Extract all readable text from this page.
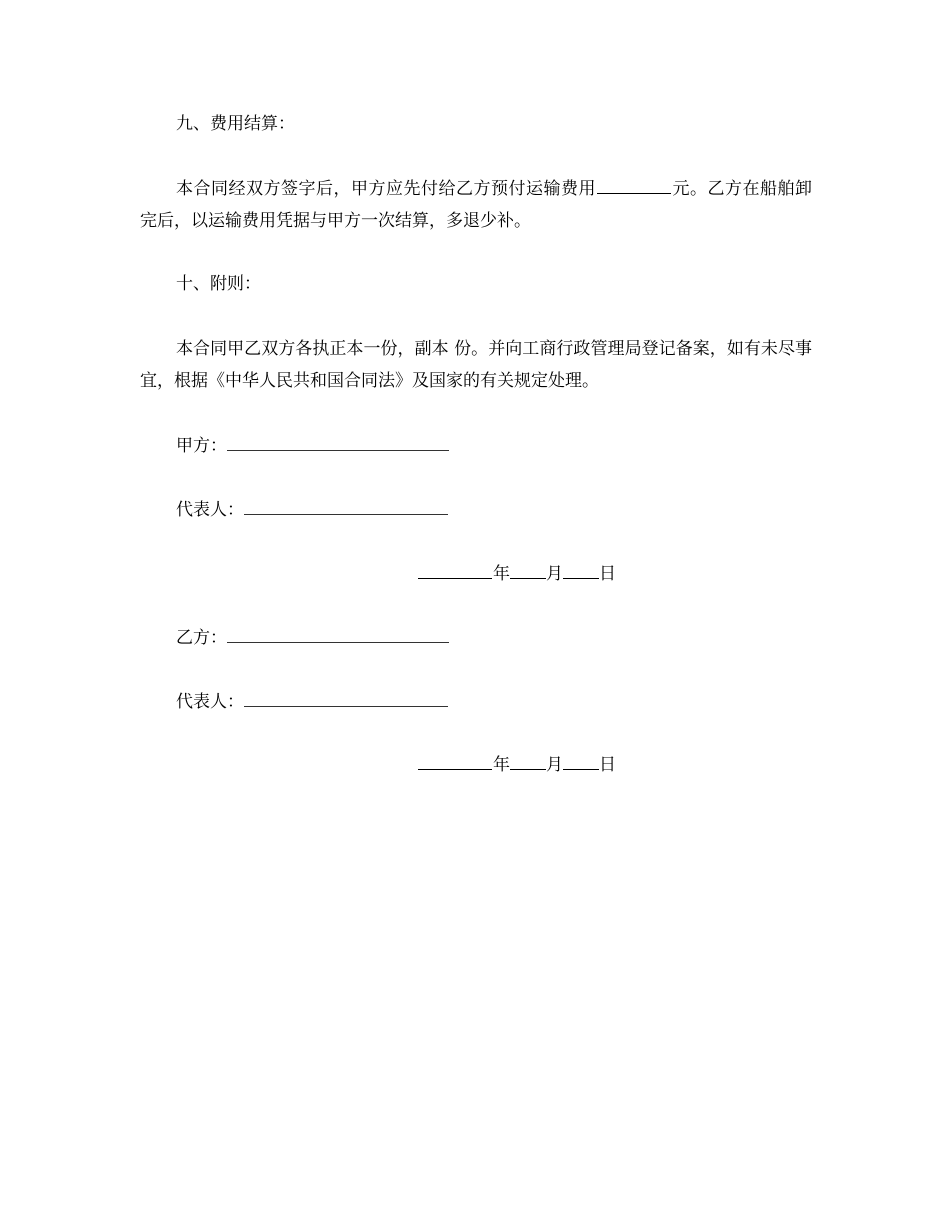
九、费用结算：
本合同经双方签字后，甲方应先付给乙方预付运输费用	元。乙方在船舶卸完后，以运输费用凭据与甲方一次结算，多退少补。
十、附则：
本合同甲乙双方各执正本一份，副本 份。并向工商行政管理局登记备案，如有未尽事宜，根据《中华人民共和国合同法》及国家的有关规定处理。
甲方：
代表人：
年 月 日
乙方：
代表人：
年 月 日
